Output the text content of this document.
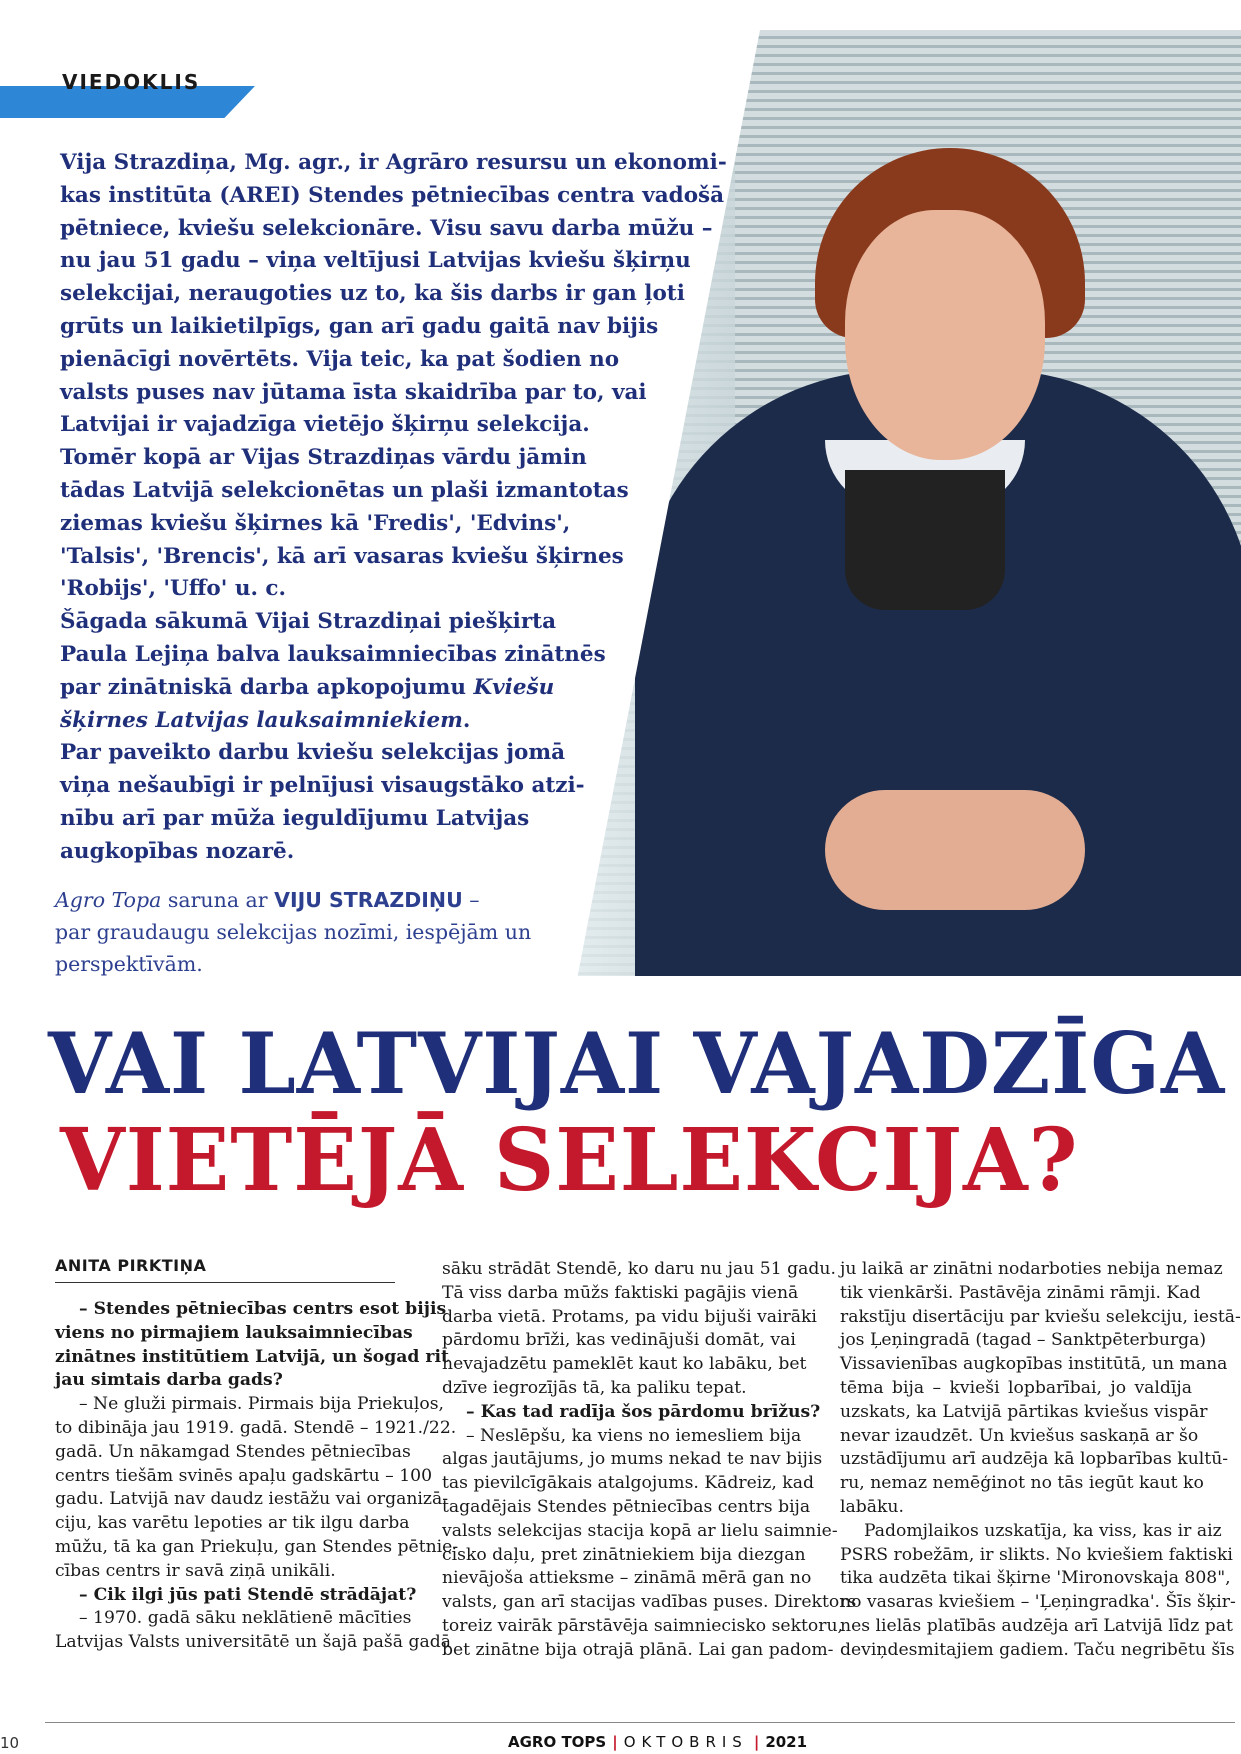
VIEDOKLIS
Vija Strazdiņa, Mg. agr., ir Agrāro resursu un ekonomi-
kas institūta (AREI) Stendes pētniecības centra vadošā
pētniece, kviešu selekcionāre. Visu savu darba mūžu –
nu jau 51 gadu – viņa veltījusi Latvijas kviešu šķirņu
selekcijai, neraugoties uz to, ka šis darbs ir gan ļoti
grūts un laikietilpīgs, gan arī gadu gaitā nav bijis
pienācīgi novērtēts. Vija teic, ka pat šodien no
valsts puses nav jūtama īsta skaidrība par to, vai
Latvijai ir vajadzīga vietējo šķirņu selekcija.
Tomēr kopā ar Vijas Strazdiņas vārdu jāmin
tādas Latvijā selekcionētas un plaši izmantotas
ziemas kviešu šķirnes kā 'Fredis', 'Edvins',
'Talsis', 'Brencis', kā arī vasaras kviešu šķirnes
'Robijs', 'Uffo' u. c.
Šāgada sākumā Vijai Strazdiņai piešķirta
Paula Lejiņa balva lauksaimniecības zinātnēs
par zinātniskā darba apkopojumu Kviešu
šķirnes Latvijas lauksaimniekiem.
Par paveikto darbu kviešu selekcijas jomā
viņa nešaubīgi ir pelnījusi visaugstāko atzi-
nību arī par mūža ieguldījumu Latvijas
augkopības nozarē.
Agro Topa saruna ar VIJU STRAZDIŅU –
par graudaugu selekcijas nozīmi, iespējām un
perspektīvām.
VAI LATVIJAI VAJADZĪGA
VIETĒJĀ SELEKCIJA?
ANITA PIRKTIŅA

– Stendes pētniecības centrs esot bijis
viens no pirmajiem lauksaimniecības
zinātnes institūtiem Latvijā, un šogad rit
jau simtais darba gads?

– Ne gluži pirmais. Pirmais bija Priekuļos,
to dibināja jau 1919. gadā. Stendē – 1921./22.
gadā. Un nākamgad Stendes pētniecības
centrs tiešām svinēs apaļu gadskārtu – 100
gadu. Latvijā nav daudz iestāžu vai organizā-
ciju, kas varētu lepoties ar tik ilgu darba
mūžu, tā ka gan Priekuļu, gan Stendes pētnie-
cības centrs ir savā ziņā unikāli.

– Cik ilgi jūs pati Stendē strādājat?

– 1970. gadā sāku neklātienē mācīties
Latvijas Valsts universitātē un šajā pašā gadā

sāku strādāt Stendē, ko daru nu jau 51 gadu.
Tā viss darba mūžs faktiski pagājis vienā
darba vietā. Protams, pa vidu bijuši vairāki
pārdomu brīži, kas vedinājuši domāt, vai
nevajadzētu pameklēt kaut ko labāku, bet
dzīve iegrozījās tā, ka paliku tepat.

– Kas tad radīja šos pārdomu brīžus?

– Neslēpšu, ka viens no iemesliem bija
algas jautājums, jo mums nekad te nav bijis
tas pievilcīgākais atalgojums. Kādreiz, kad
tagadējais Stendes pētniecības centrs bija
valsts selekcijas stacija kopā ar lielu saimnie-
cisko daļu, pret zinātniekiem bija diezgan
nievājoša attieksme – zināmā mērā gan no
valsts, gan arī stacijas vadības puses. Direktors
toreiz vairāk pārstāvēja saimniecisko sektoru,
bet zinātne bija otrajā plānā. Lai gan padom-

ju laikā ar zinātni nodarboties nebija nemaz
tik vienkārši. Pastāvēja zināmi rāmji. Kad
rakstīju disertāciju par kviešu selekciju, iestā-
jos Ļeņingradā (tagad – Sanktpēterburga)
Vissavienības augkopības institūtā, un mana
tēma bija – kvieši lopbarībai, jo valdīja
uzskats, ka Latvijā pārtikas kviešus vispār
nevar izaudzēt. Un kviešus saskaņā ar šo
uzstādījumu arī audzēja kā lopbarības kultū-
ru, nemaz nemēģinot no tās iegūt kaut ko
labāku.

Padomjlaikos uzskatīja, ka viss, kas ir aiz
PSRS robežām, ir slikts. No kviešiem faktiski
tika audzēta tikai šķirne 'Mironovskaja 808",
no vasaras kviešiem – 'Ļeņingradka'. Šīs šķir-
nes lielās platībās audzēja arī Latvijā līdz pat
deviņdesmitajiem gadiem. Taču negribētu šīs

10	AGRO TOPS | OKTOBRIS | 2021
